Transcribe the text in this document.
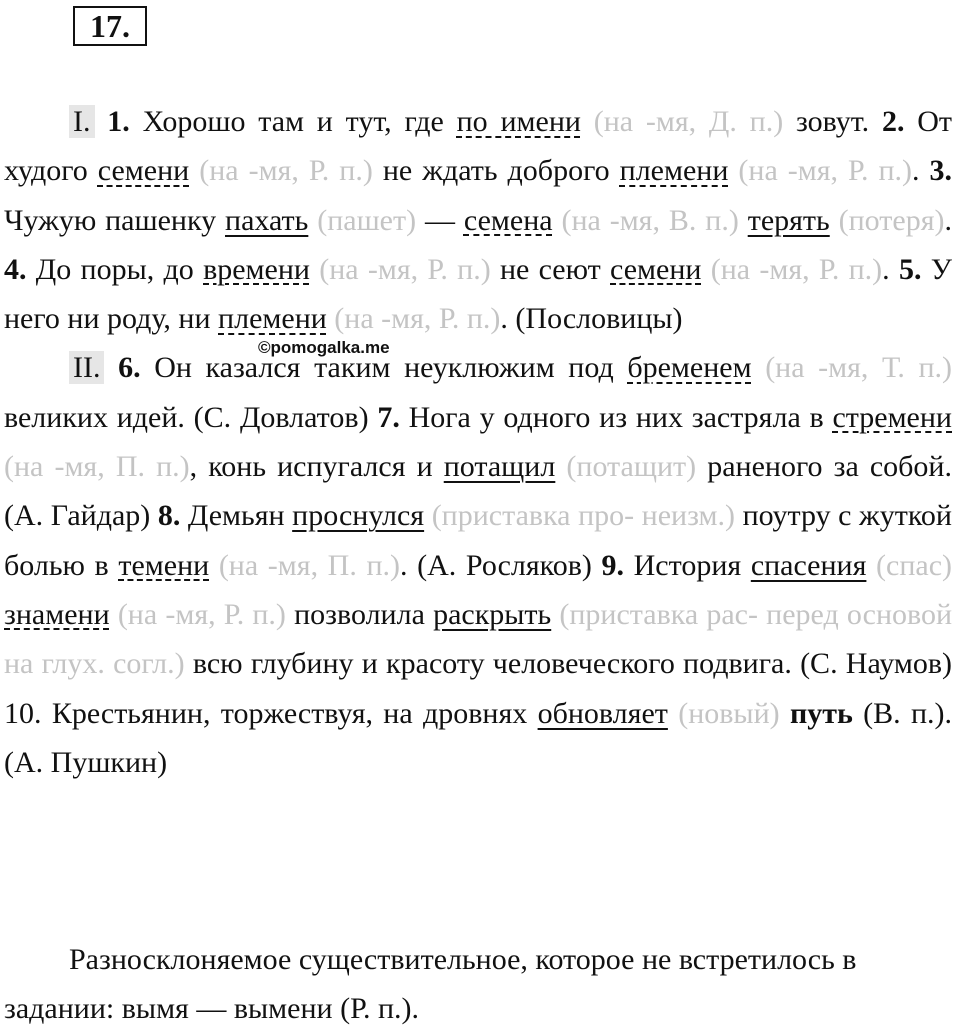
17.
©pomogalka.me

I. 1. Хорошо там и тут, где по имени (на -мя, Д. п.) зовут. 2. От худого семени (на -мя, Р. п.) не ждать доброго племени (на -мя, Р. п.). 3. Чужую пашенку пахать (пашет) — семена (на -мя, В. п.) терять (потеря). 4. До поры, до времени (на -мя, Р. п.) не сеют семени (на -мя, Р. п.). 5. У него ни роду, ни племени (на -мя, Р. п.). (Пословицы)

II. 6. Он казался таким неуклюжим под бременем (на -мя, Т. п.) великих идей. (С. Довлатов) 7. Нога у одного из них застряла в стремени (на -мя, П. п.), конь испугался и потащил (потащит) раненого за собой. (А. Гайдар) 8. Демьян проснулся (приставка про- неизм.) поутру с жуткой болью в темени (на -мя, П. п.). (А. Росляков) 9. История спасения (спас) знамени (на -мя, Р. п.) позволила раскрыть (приставка рас- перед основой на глух. согл.) всю глубину и красоту человеческого подвига. (С. Наумов) 10. Крестьянин, торжествуя, на дровнях обновляет (новый) путь (В. п.). (А. Пушкин)

Разносклоняемое существительное, которое не встретилось в задании: вымя — вымени (Р. п.).
